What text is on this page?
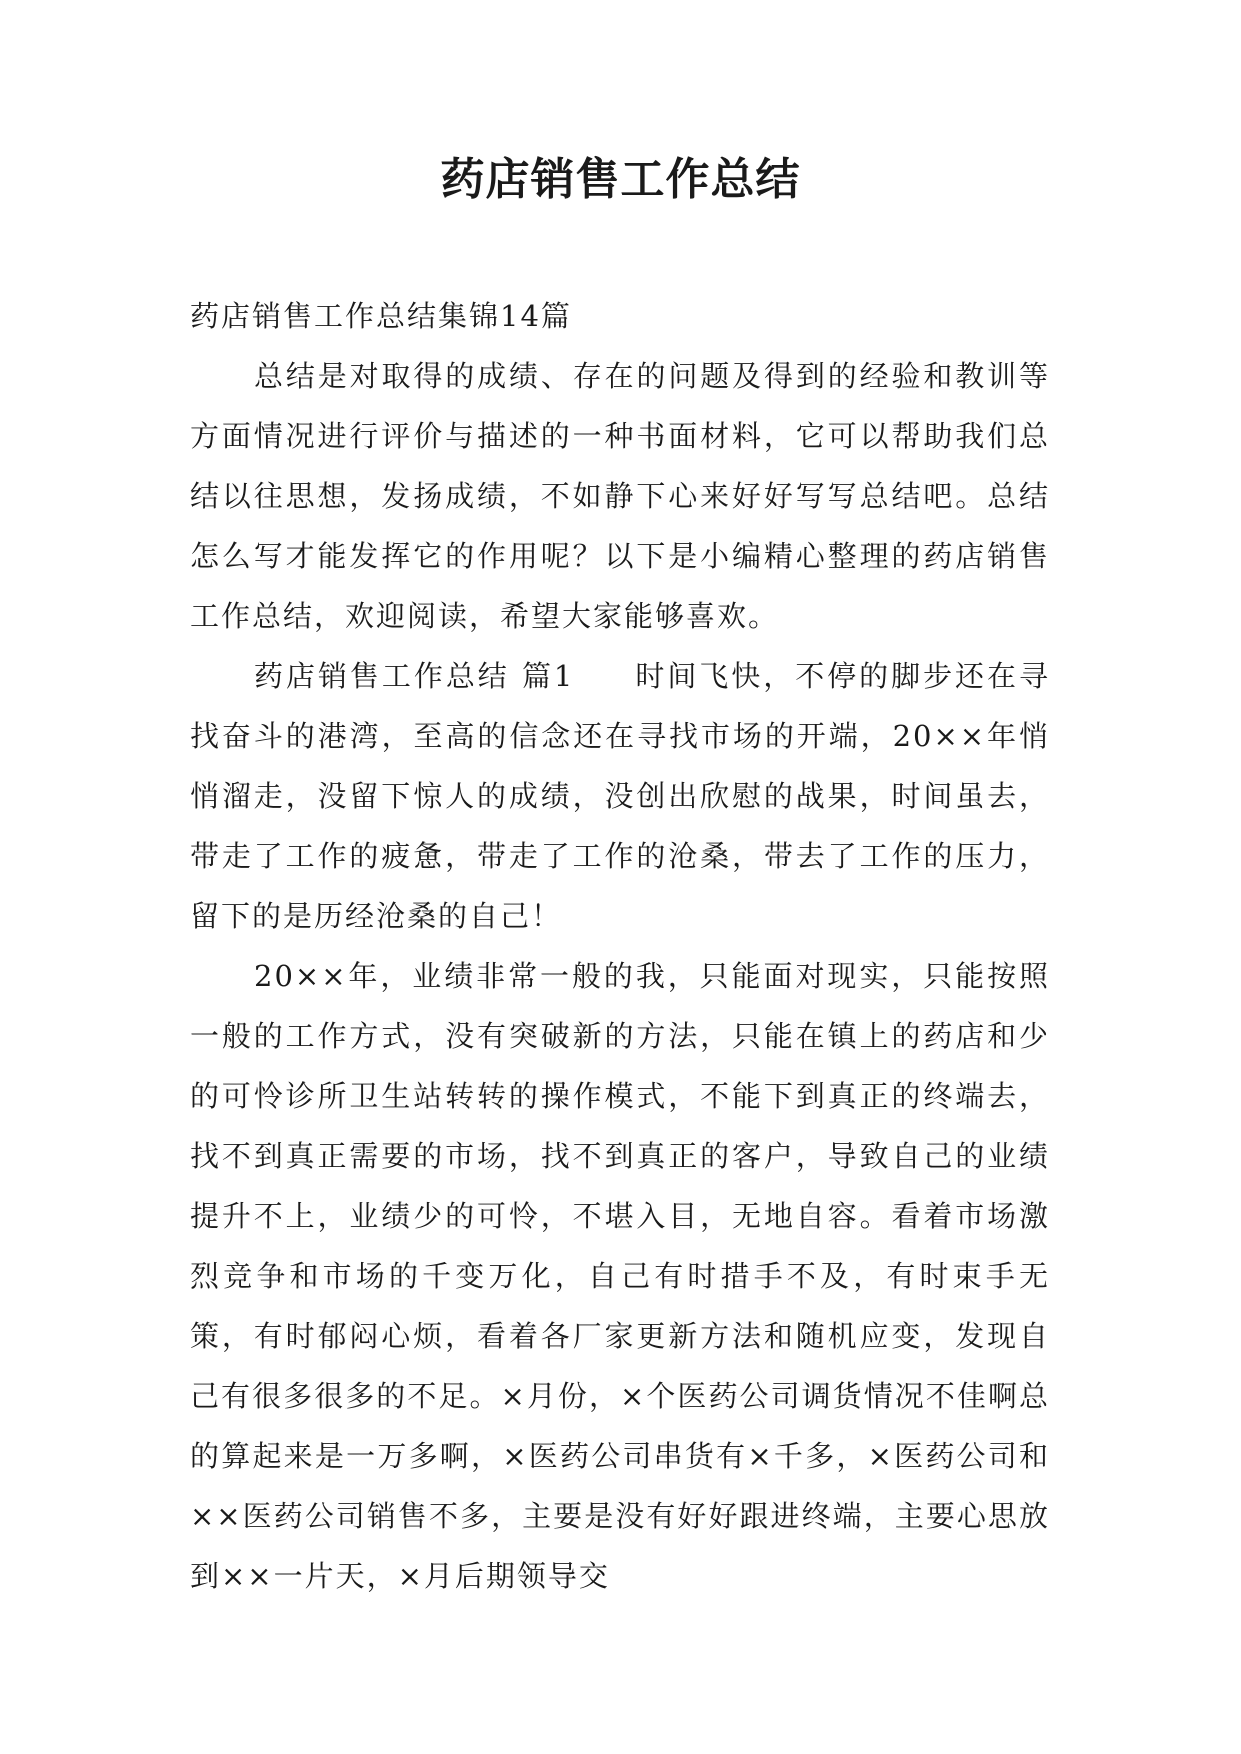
药店销售工作总结

药店销售工作总结集锦14篇

总结是对取得的成绩、存在的问题及得到的经验和教训等方面情况进行评价与描述的一种书面材料，它可以帮助我们总结以往思想，发扬成绩，不如静下心来好好写写总结吧。总结怎么写才能发挥它的作用呢？以下是小编精心整理的药店销售工作总结，欢迎阅读，希望大家能够喜欢。

药店销售工作总结 篇1 时间飞快，不停的脚步还在寻找奋斗的港湾，至高的信念还在寻找市场的开端，20××年悄悄溜走，没留下惊人的成绩，没创出欣慰的战果，时间虽去，带走了工作的疲惫，带走了工作的沧桑，带去了工作的压力，留下的是历经沧桑的自己！

20××年，业绩非常一般的我，只能面对现实，只能按照一般的工作方式，没有突破新的方法，只能在镇上的药店和少的可怜诊所卫生站转转的操作模式，不能下到真正的终端去，找不到真正需要的市场，找不到真正的客户，导致自己的业绩提升不上，业绩少的可怜，不堪入目，无地自容。看着市场激烈竞争和市场的千变万化，自己有时措手不及，有时束手无策，有时郁闷心烦，看着各厂家更新方法和随机应变，发现自己有很多很多的不足。×月份，×个医药公司调货情况不佳啊总的算起来是一万多啊，×医药公司串货有×千多，×医药公司和××医药公司销售不多，主要是没有好好跟进终端，主要心思放到××一片天，×月后期领导交
